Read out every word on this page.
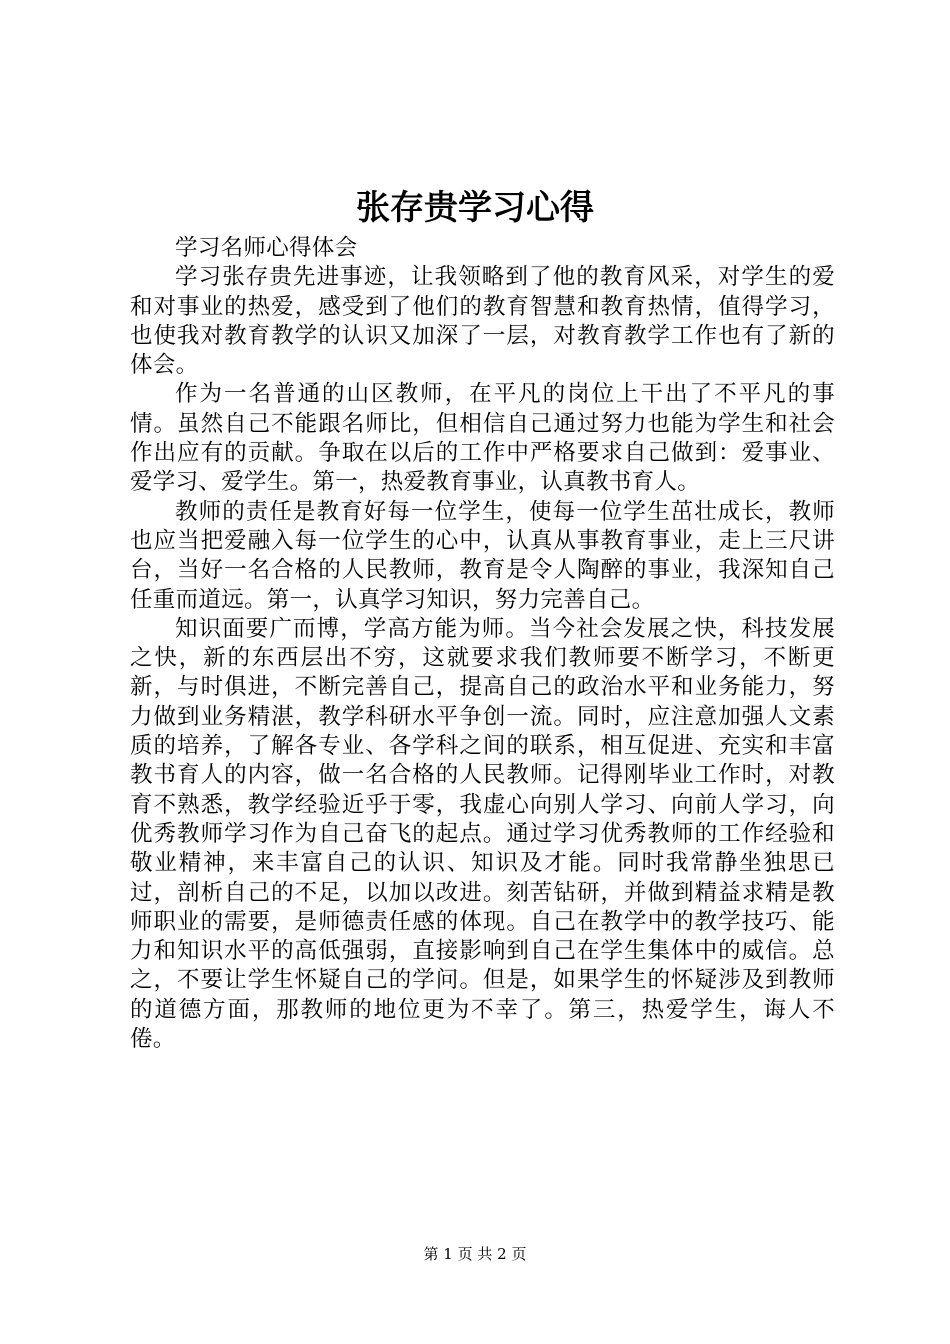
张存贵学习心得

学习名师心得体会

学习张存贵先进事迹，让我领略到了他的教育风采，对学生的爱和对事业的热爱，感受到了他们的教育智慧和教育热情，值得学习，也使我对教育教学的认识又加深了一层，对教育教学工作也有了新的体会。

作为一名普通的山区教师，在平凡的岗位上干出了不平凡的事情。虽然自己不能跟名师比，但相信自己通过努力也能为学生和社会作出应有的贡献。争取在以后的工作中严格要求自己做到：爱事业、爱学习、爱学生。第一，热爱教育事业，认真教书育人。

教师的责任是教育好每一位学生，使每一位学生茁壮成长，教师也应当把爱融入每一位学生的心中，认真从事教育事业，走上三尺讲台，当好一名合格的人民教师，教育是令人陶醉的事业，我深知自己任重而道远。第一，认真学习知识，努力完善自己。

知识面要广而博，学高方能为师。当今社会发展之快，科技发展之快，新的东西层出不穷，这就要求我们教师要不断学习，不断更新，与时俱进，不断完善自己，提高自己的政治水平和业务能力，努力做到业务精湛，教学科研水平争创一流。同时，应注意加强人文素质的培养，了解各专业、各学科之间的联系，相互促进、充实和丰富教书育人的内容，做一名合格的人民教师。记得刚毕业工作时，对教育不熟悉，教学经验近乎于零，我虚心向别人学习、向前人学习，向优秀教师学习作为自己奋飞的起点。通过学习优秀教师的工作经验和敬业精神，来丰富自己的认识、知识及才能。同时我常静坐独思已过，剖析自己的不足，以加以改进。刻苦钻研，并做到精益求精是教师职业的需要，是师德责任感的体现。自己在教学中的教学技巧、能力和知识水平的高低强弱，直接影响到自己在学生集体中的威信。总之，不要让学生怀疑自己的学问。但是，如果学生的怀疑涉及到教师的道德方面，那教师的地位更为不幸了。第三，热爱学生，诲人不倦。

第 1 页 共 2 页
